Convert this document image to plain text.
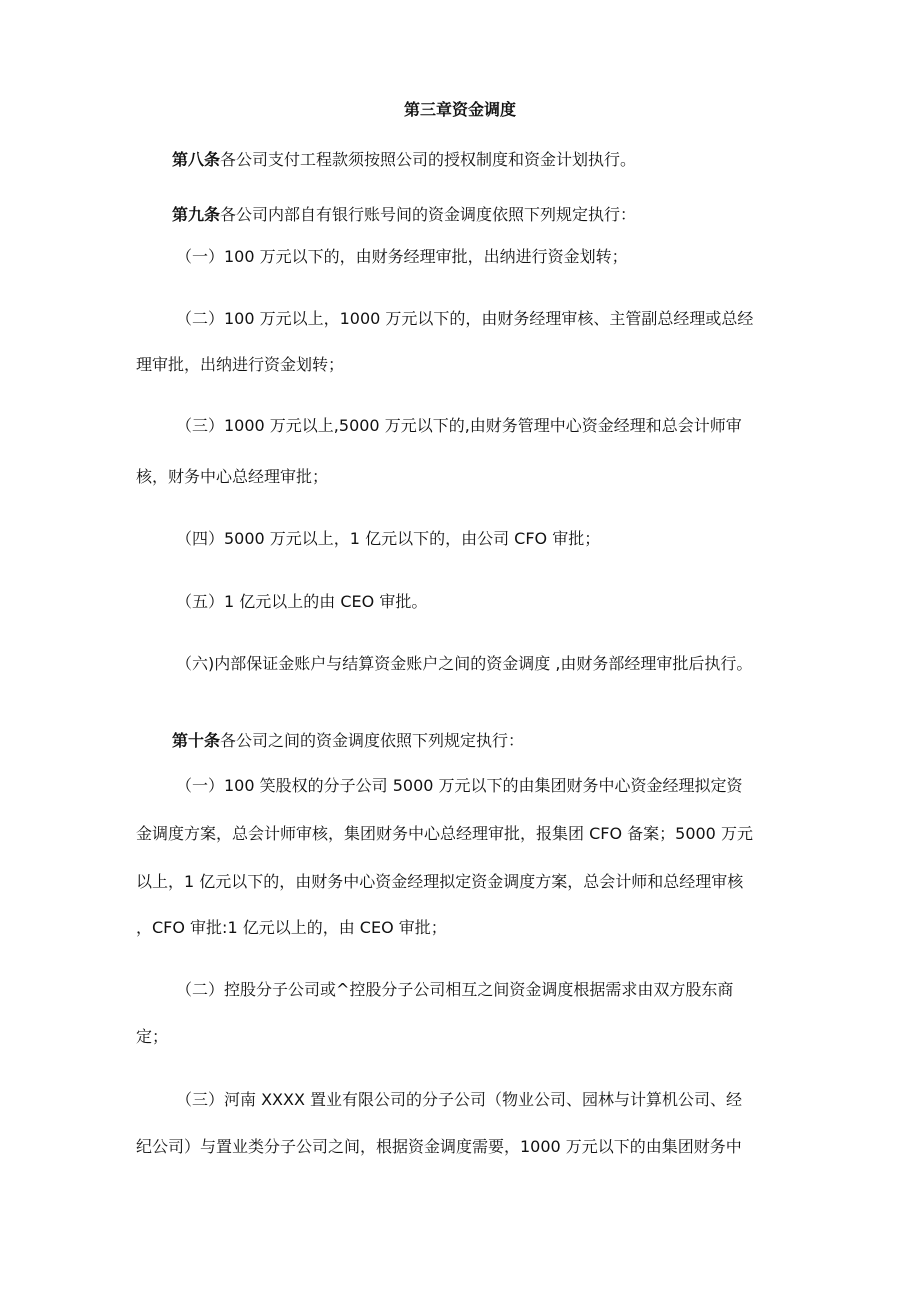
第三章资金调度
第八条各公司支付工程款须按照公司的授权制度和资金计划执行。
第九条各公司内部自有银行账号间的资金调度依照下列规定执行：
（一）100 万元以下的，由财务经理审批，出纳进行资金划转；
（二）100 万元以上，1000 万元以下的，由财务经理审核、主管副总经理或总经
理审批，出纳进行资金划转；
（三）1000 万元以上,5000 万元以下的,由财务管理中心资金经理和总会计师审
核，财务中心总经理审批；
（四）5000 万元以上，1 亿元以下的，由公司 CFO 审批；
（五）1 亿元以上的由 CEO 审批。
（六)内部保证金账户与结算资金账户之间的资金调度 ,由财务部经理审批后执行。
第十条各公司之间的资金调度依照下列规定执行：
（一）100 笑股权的分子公司 5000 万元以下的由集团财务中心资金经理拟定资
金调度方案，总会计师审核，集团财务中心总经理审批，报集团 CFO 备案；5000 万元
以上，1 亿元以下的，由财务中心资金经理拟定资金调度方案，总会计师和总经理审核
，CFO 审批:1 亿元以上的，由 CEO 审批；
（二）控股分子公司或^控股分子公司相互之间资金调度根据需求由双方股东商
定；
（三）河南 XXXX 置业有限公司的分子公司（物业公司、园林与计算机公司、经
纪公司）与置业类分子公司之间，根据资金调度需要，1000 万元以下的由集团财务中
